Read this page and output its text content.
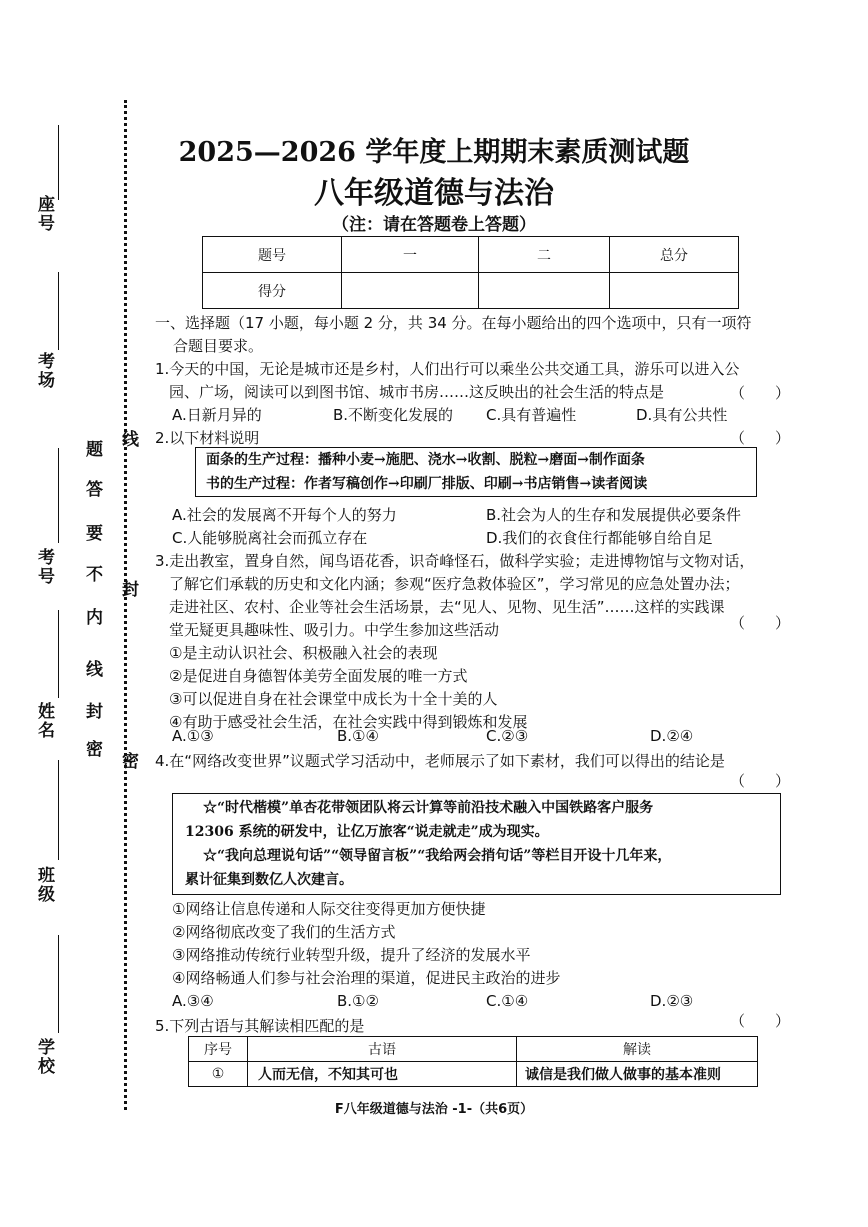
座号
考场
考号
姓名
班级
学校
密
封
线
内
不
要
答
题
线
封
密
2025—2026 学年度上期期末素质测试题
八年级道德与法治
（注：请在答题卷上答题）
题号	一	二	总分
得分			
一、选择题（17 小题，每小题 2 分，共 34 分。在每小题给出的四个选项中，只有一项符
合题目要求。
1.今天的中国，无论是城市还是乡村，人们出行可以乘坐公共交通工具，游乐可以进入公
园、广场，阅读可以到图书馆、城市书房……这反映出的社会生活的特点是	（　　）
A.日新月异的	B.不断变化发展的 C.具有普遍性	D.具有公共性
2.以下材料说明	（　　）
面条的生产过程：播种小麦→施肥、浇水→收割、脱粒→磨面→制作面条
书的生产过程：作者写稿创作→印刷厂排版、印刷→书店销售→读者阅读
A.社会的发展离不开每个人的努力	B.社会为人的生存和发展提供必要条件
C.人能够脱离社会而孤立存在	D.我们的衣食住行都能够自给自足
3.走出教室，置身自然，闻鸟语花香，识奇峰怪石，做科学实验；走进博物馆与文物对话，
了解它们承载的历史和文化内涵；参观“医疗急救体验区”，学习常见的应急处置办法；
走进社区、农村、企业等社会生活场景，去“见人、见物、见生活”……这样的实践课
堂无疑更具趣味性、吸引力。中学生参加这些活动
①是主动认识社会、积极融入社会的表现
②是促进自身德智体美劳全面发展的唯一方式
③可以促进自身在社会课堂中成长为十全十美的人
④有助于感受社会生活，在社会实践中得到锻炼和发展
（　　）
A.①③	B.①④	C.②③	D.②④
4.在“网络改变世界”议题式学习活动中，老师展示了如下素材，我们可以得出的结论是
（　　）
☆“时代楷模”单杏花带领团队将云计算等前沿技术融入中国铁路客户服务
12306 系统的研发中，让亿万旅客“说走就走”成为现实。
☆“我向总理说句话”“领导留言板”“我给两会捎句话”等栏目开设十几年来，
累计征集到数亿人次建言。
①网络让信息传递和人际交往变得更加方便快捷
②网络彻底改变了我们的生活方式
③网络推动传统行业转型升级，提升了经济的发展水平
④网络畅通人们参与社会治理的渠道，促进民主政治的进步
A.③④	B.①②	C.①④	D.②③
5.下列古语与其解读相匹配的是	（　　）
序号	古语	解读
①	人而无信，不知其可也	诚信是我们做人做事的基本准则
F八年级道德与法治 -1-（共6页）
